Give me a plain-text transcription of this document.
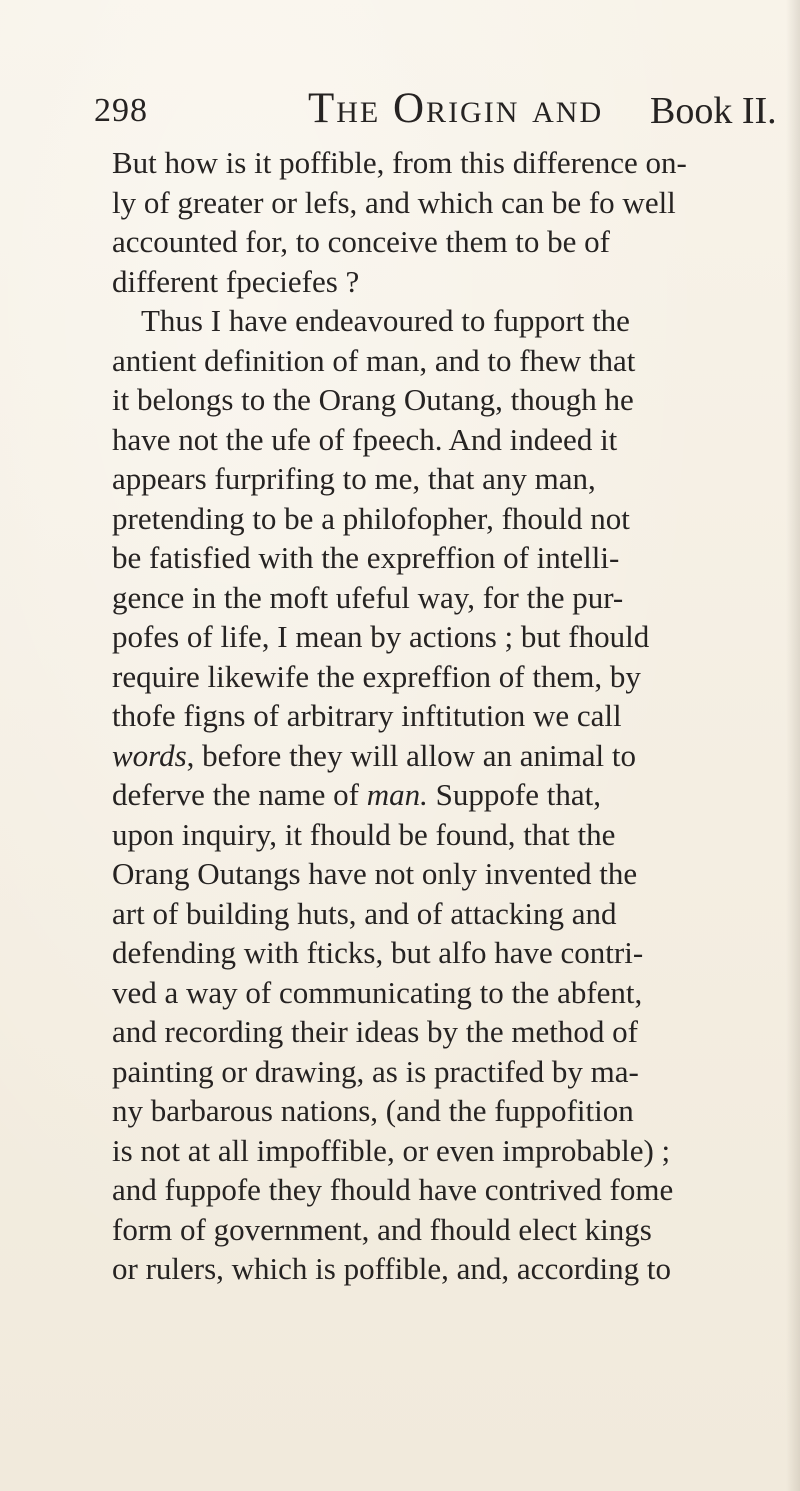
298	The Origin and Book II.
But how is it poffible, from this difference on-
ly of greater or lefs, and which can be fo well
accounted for, to conceive them to be of
different fpeciefes ?
Thus I have endeavoured to fupport the
antient definition of man, and to fhew that
it belongs to the Orang Outang, though he
have not the ufe of fpeech. And indeed it
appears furprifing to me, that any man,
pretending to be a philofopher, fhould not
be fatisfied with the expreffion of intelli-
gence in the moft ufeful way, for the pur-
pofes of life, I mean by actions ; but fhould
require likewife the expreffion of them, by
thofe figns of arbitrary inftitution we call
words, before they will allow an animal to
deferve the name of man. Suppofe that,
upon inquiry, it fhould be found, that the
Orang Outangs have not only invented the
art of building huts, and of attacking and
defending with fticks, but alfo have contri-
ved a way of communicating to the abfent,
and recording their ideas by the method of
painting or drawing, as is practifed by ma-
ny barbarous nations, (and the fuppofition
is not at all impoffible, or even improbable) ;
and fuppofe they fhould have contrived fome
form of government, and fhould elect kings
or rulers, which is poffible, and, according to
